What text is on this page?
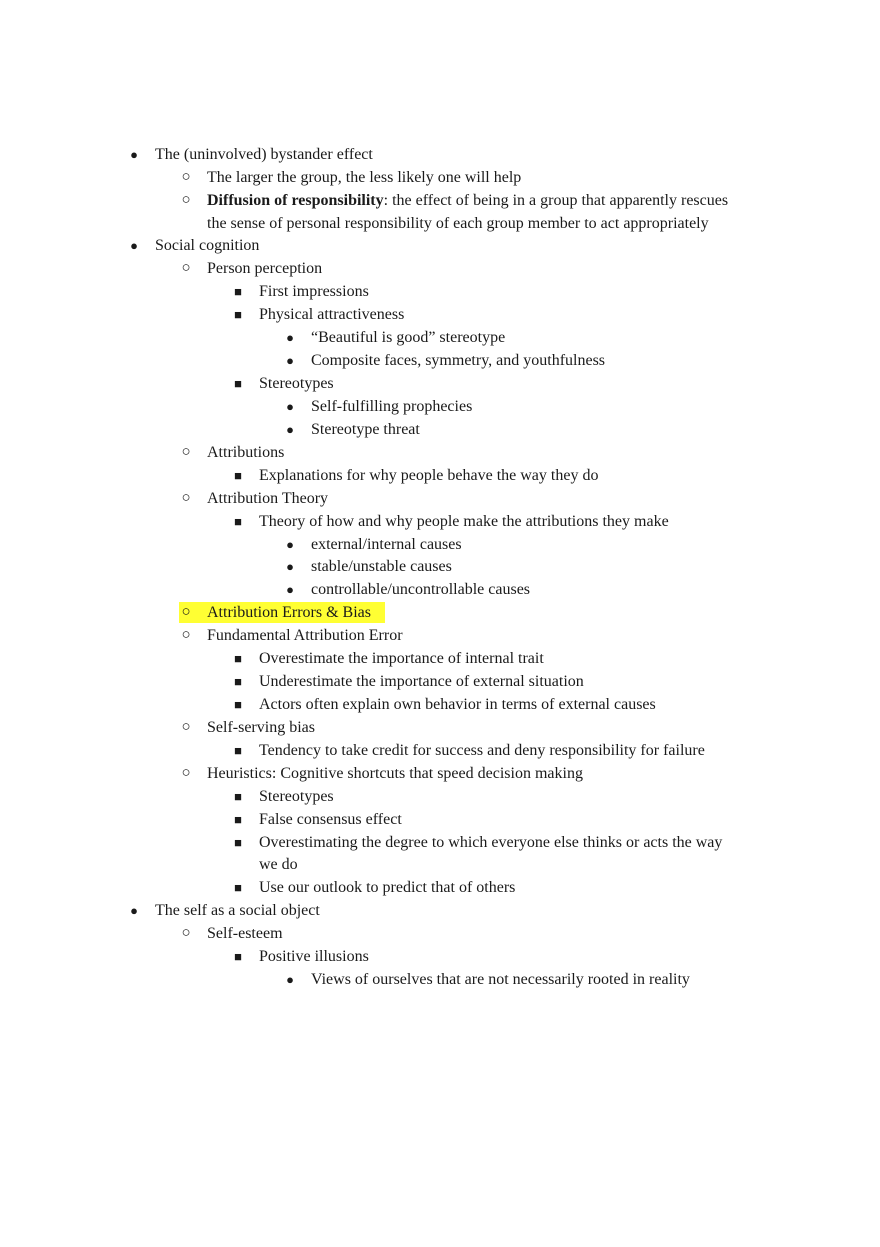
●	The (uninvolved) bystander effect
○	The larger the group, the less likely one will help
○	Diffusion of responsibility: the effect of being in a group that apparently rescues
the sense of personal responsibility of each group member to act appropriately
●	Social cognition
○	Person perception
■	First impressions
■	Physical attractiveness
●	“Beautiful is good” stereotype
●	Composite faces, symmetry, and youthfulness
■	Stereotypes
●	Self-fulfilling prophecies
●	Stereotype threat
○	Attributions
■	Explanations for why people behave the way they do
○	Attribution Theory
■	Theory of how and why people make the attributions they make
●	external/internal causes
●	stable/unstable causes
●	controllable/uncontrollable causes
○	Attribution Errors & Bias
○	Fundamental Attribution Error
■	Overestimate the importance of internal trait
■	Underestimate the importance of external situation
■	Actors often explain own behavior in terms of external causes
○	Self-serving bias
■	Tendency to take credit for success and deny responsibility for failure
○	Heuristics: Cognitive shortcuts that speed decision making
■	Stereotypes
■	False consensus effect
■	Overestimating the degree to which everyone else thinks or acts the way
we do
■	Use our outlook to predict that of others
●	The self as a social object
○	Self-esteem
■	Positive illusions
●	Views of ourselves that are not necessarily rooted in reality
